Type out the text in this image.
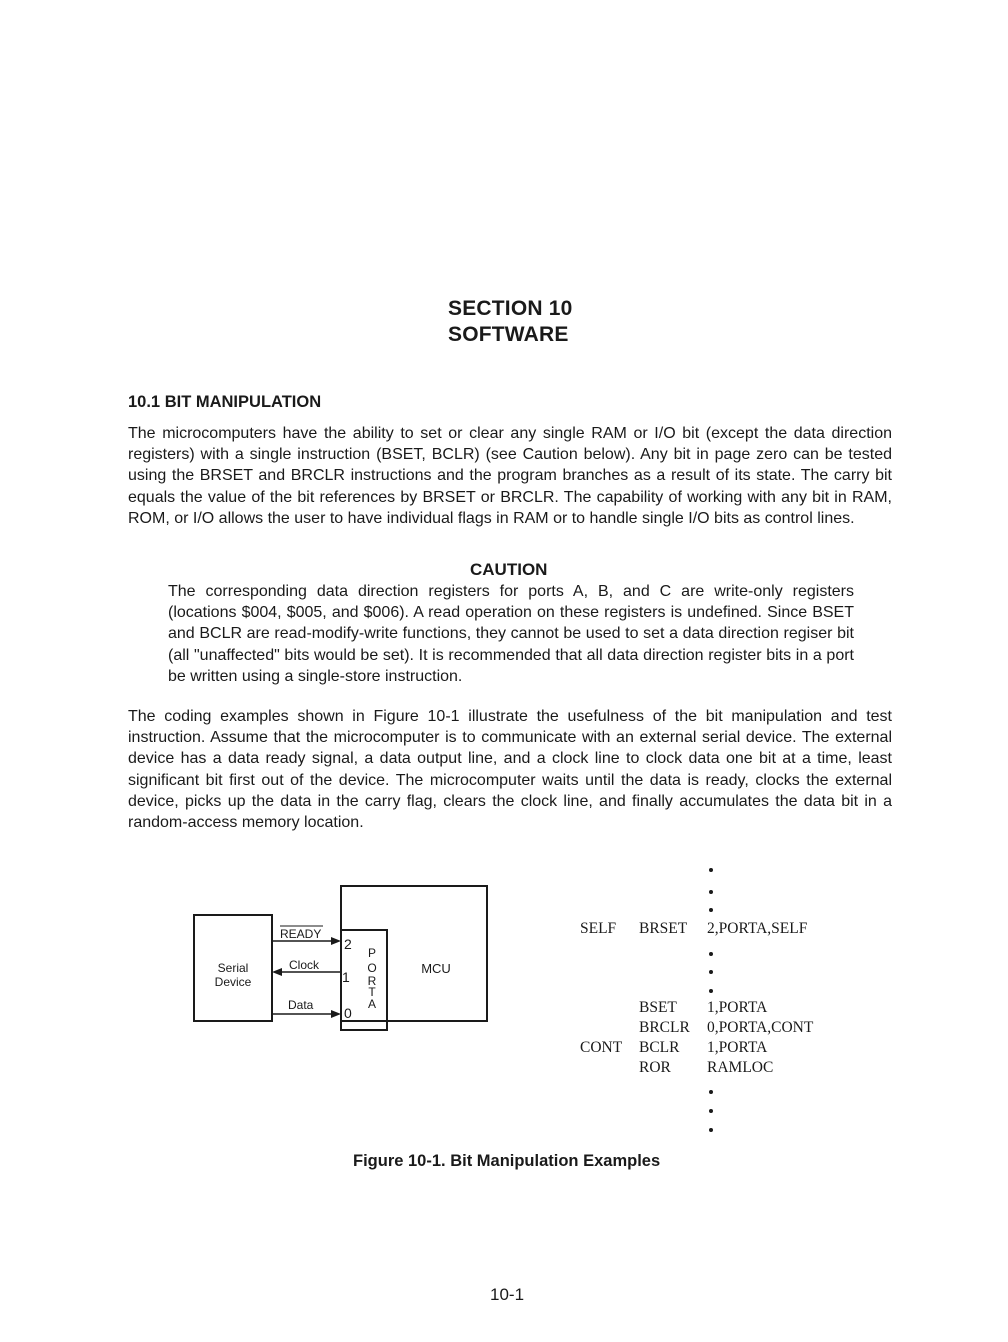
SECTION 10
SOFTWARE
10.1 BIT MANIPULATION
The microcomputers have the ability to set or clear any single RAM or I/O bit (except the data direction registers) with a single instruction (BSET, BCLR) (see Caution below). Any bit in page zero can be tested using the BRSET and BRCLR instructions and the program branches as a result of its state. The carry bit equals the value of the bit references by BRSET or BRCLR. The capability of working with any bit in RAM, ROM, or I/O allows the user to have individual flags in RAM or to handle single I/O bits as control lines.
CAUTION
The corresponding data direction registers for ports A, B, and C are write-only registers (locations $004, $005, and $006). A read operation on these registers is undefined. Since BSET and BCLR are read-modify-write functions, they cannot be used to set a data direction regiser bit (all "unaffected" bits would be set). It is recommended that all data direction register bits in a port be written using a single-store instruction.
The coding examples shown in Figure 10-1 illustrate the usefulness of the bit manipulation and test instruction. Assume that the microcomputer is to communicate with an external serial device. The external device has a data ready signal, a data output line, and a clock line to clock data one bit at a time, least significant bit first out of the device. The microcomputer waits until the data is ready, clocks the external device, picks up the data in the carry flag, clears the clock line, and finally accumulates the data bit in a random-access memory location.
Serial
Device
MCU
P
O
R
T
A
2
1
0
READY
Clock
Data
SELF BRSET 2,PORTA,SELF
BSET 1,PORTA
BRCLR 0,PORTA,CONT
CONT BCLR 1,PORTA
ROR RAMLOC
Figure 10-1. Bit Manipulation Examples
10-1
